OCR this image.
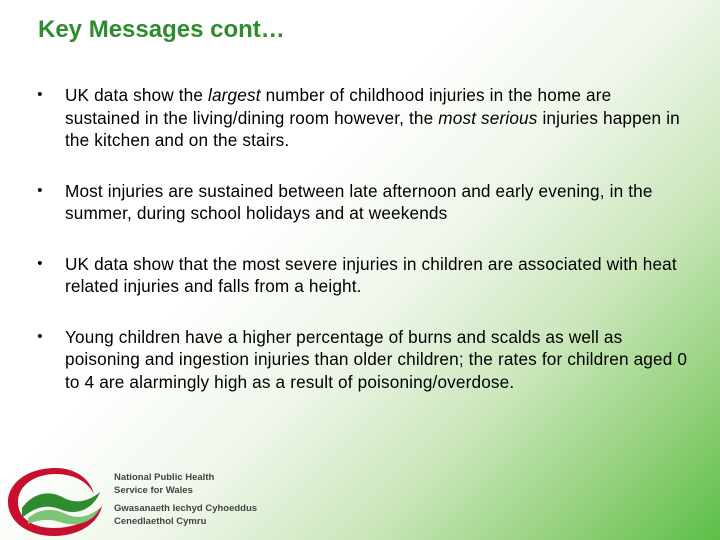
Key Messages cont…
•	UK data show the largest number of childhood injuries in the home are sustained in the living/dining room however, the most serious injuries happen in the kitchen and on the stairs.
•	Most injuries are sustained between late afternoon and early evening, in the summer, during school holidays and at weekends
•	UK data show that the most severe injuries in children are associated with heat related injuries and falls from a height.
•	Young children have a higher percentage of burns and scalds as well as poisoning and ingestion injuries than older children; the rates for children aged 0 to 4 are alarmingly high as a result of poisoning/overdose.
National Public Health
Service for Wales
Gwasanaeth Iechyd Cyhoeddus
Cenedlaethol Cymru
